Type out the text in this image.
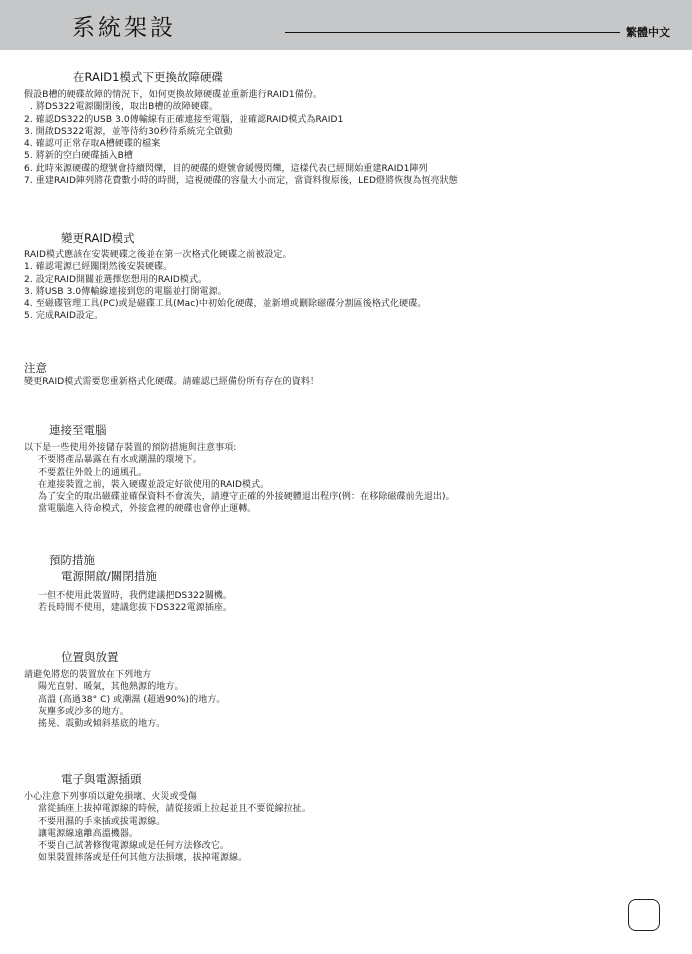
系統架設	繁體中文
在RAID1模式下更換故障硬碟
假設B槽的硬碟故障的情況下，如何更換故障硬碟並重新進行RAID1備份。
. 將DS322電源關閉後，取出B槽的故障硬碟。
2. 確認DS322的USB 3.0傳輸線有正確連接至電腦，並確認RAID模式為RAID1
3. 開啟DS322電源，並等待約30秒待系統完全啟動
4. 確認可正常存取A槽硬碟的檔案
5. 將新的空白硬碟插入B槽
6. 此時來源硬碟的燈號會持續閃爍，目的硬碟的燈號會緩慢閃爍，這樣代表已經開始重建RAID1陣列
7. 重建RAID陣列將花費數小時的時間，這視硬碟的容量大小而定，當資料復原後，LED燈將恢復為恆亮狀態
變更RAID模式
RAID模式應該在安裝硬碟之後並在第一次格式化硬碟之前被設定。
1. 確認電源已經關閉然後安裝硬碟。
2. 設定RAID開關並選擇您想用的RAID模式。
3. 將USB 3.0傳輸線連接到您的電腦並打開電源。
4. 至磁碟管理工具(PC)或是磁碟工具(Mac)中初始化硬碟，並新增或刪除磁碟分割區後格式化硬碟。
5. 完成RAID設定。
注意
變更RAID模式需要您重新格式化硬碟。請確認已經備份所有存在的資料！
連接至電腦
以下是一些使用外接儲存裝置的預防措施與注意事項:
不要將產品暴露在有水或潮濕的環境下。
不要蓋住外殼上的通風孔。
在連接裝置之前，裝入硬碟並設定好欲使用的RAID模式。
為了安全的取出磁碟並確保資料不會流失，請遵守正確的外接硬體退出程序(例：在移除磁碟前先退出)。
當電腦進入待命模式，外接盒裡的硬碟也會停止運轉。
預防措施
電源開啟/關閉措施
一但不使用此裝置時，我們建議把DS322關機。
若長時間不使用，建議您拔下DS322電源插座。
位置與放置
請避免將您的裝置放在下列地方
陽光直射、暖氣，其他熱源的地方。
高溫 (高過38° C) 或潮濕 (超過90%)的地方。
灰塵多或沙多的地方。
搖晃、震動或傾斜基底的地方。
電子與電源插頭
小心注意下列事項以避免損壞、火災或受傷
當從插座上拔掉電源線的時候，請從接頭上拉起並且不要從線拉扯。
不要用濕的手來插或拔電源線。
讓電源線遠離高溫機器。
不要自己試著修復電源線或是任何方法修改它。
如果裝置摔落或是任何其他方法損壞，拔掉電源線。
